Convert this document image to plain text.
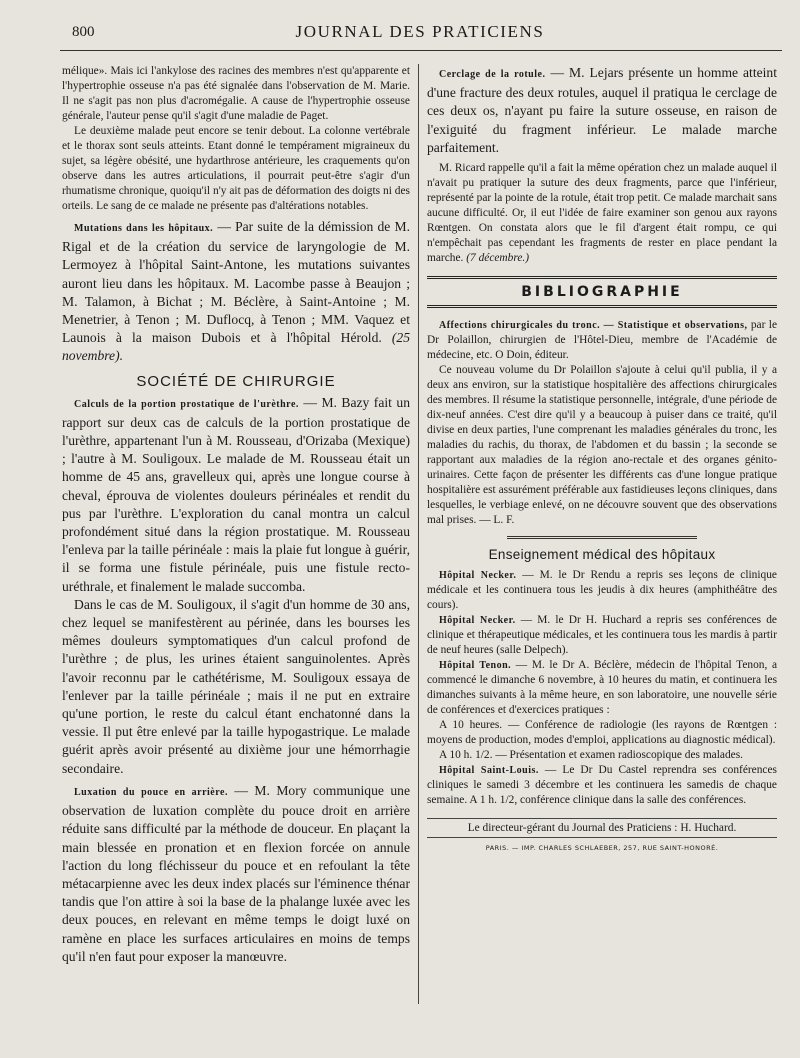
800	JOURNAL DES PRATICIENS

mélique». Mais ici l'ankylose des racines des membres n'est qu'apparente et l'hypertrophie osseuse n'a pas été signalée dans l'observation de M. Marie. Il ne s'agit pas non plus d'acromégalie. A cause de l'hypertrophie osseuse générale, l'auteur pense qu'il s'agit d'une maladie de Paget.

Le deuxième malade peut encore se tenir debout. La colonne vertébrale et le thorax sont seuls atteints. Etant donné le tempérament migraineux du sujet, sa légère obésité, une hydarthrose antérieure, les craquements qu'on observe dans les autres articulations, il pourrait peut-être s'agir d'un rhumatisme chronique, quoiqu'il n'y ait pas de déformation des doigts ni des orteils. Le sang de ce malade ne présente pas d'altérations notables.

Mutations dans les hôpitaux. — Par suite de la démission de M. Rigal et de la création du service de laryngologie de M. Lermoyez à l'hôpital Saint-Antone, les mutations suivantes auront lieu dans les hôpitaux. M. Lacombe passe à Beaujon ; M. Talamon, à Bichat ; M. Béclère, à Saint-Antoine ; M. Menetrier, à Tenon ; M. Duflocq, à Tenon ; MM. Vaquez et Launois à la maison Dubois et à l'hôpital Hérold. (25 novembre).

SOCIÉTÉ DE CHIRURGIE

Calculs de la portion prostatique de l'urèthre. — M. Bazy fait un rapport sur deux cas de calculs de la portion prostatique de l'urèthre, appartenant l'un à M. Rousseau, d'Orizaba (Mexique) ; l'autre à M. Souligoux. Le malade de M. Rousseau était un homme de 45 ans, gravelleux qui, après une longue course à cheval, éprouva de violentes douleurs périnéales et rendit du pus par l'urèthre. L'exploration du canal montra un calcul profondément situé dans la région prostatique. M. Rousseau l'enleva par la taille périnéale : mais la plaie fut longue à guérir, il se forma une fistule périnéale, puis une fistule recto-uréthrale, et finalement le malade succomba.

Dans le cas de M. Souligoux, il s'agit d'un homme de 30 ans, chez lequel se manifestèrent au périnée, dans les bourses les mêmes douleurs symptomatiques d'un calcul profond de l'urèthre ; de plus, les urines étaient sanguinolentes. Après l'avoir reconnu par le cathétérisme, M. Souligoux essaya de l'enlever par la taille périnéale ; mais il ne put en extraire qu'une portion, le reste du calcul étant enchatonné dans la vessie. Il put être enlevé par la taille hypogastrique. Le malade guérit après avoir présenté au dixième jour une hémorrhagie secondaire.

Luxation du pouce en arrière. — M. Mory communique une observation de luxation complète du pouce droit en arrière réduite sans difficulté par la méthode de douceur. En plaçant la main blessée en pronation et en flexion forcée on annule l'action du long fléchisseur du pouce et en refoulant la tête métacarpienne avec les deux index placés sur l'éminence thénar tandis que l'on attire à soi la base de la phalange luxée avec les deux pouces, en relevant en même temps le doigt luxé on ramène en place les surfaces articulaires en moins de temps qu'il n'en faut pour exposer la manœuvre.

Cerclage de la rotule. — M. Lejars présente un homme atteint d'une fracture des deux rotules, auquel il pratiqua le cerclage de ces deux os, n'ayant pu faire la suture osseuse, en raison de l'exiguité du fragment inférieur. Le malade marche parfaitement.

M. Ricard rappelle qu'il a fait la même opération chez un malade auquel il n'avait pu pratiquer la suture des deux fragments, parce que l'inférieur, représenté par la pointe de la rotule, était trop petit. Ce malade marchait sans aucune difficulté. Or, il eut l'idée de faire examiner son genou aux rayons Rœntgen. On constata alors que le fil d'argent était rompu, ce qui n'empêchait pas cependant les fragments de rester en place pendant la marche. (7 décembre.)

BIBLIOGRAPHIE

Affections chirurgicales du tronc. — Statistique et observations, par le Dr Polaillon, chirurgien de l'Hôtel-Dieu, membre de l'Académie de médecine, etc. O Doin, éditeur.

Ce nouveau volume du Dr Polaillon s'ajoute à celui qu'il publia, il y a deux ans environ, sur la statistique hospitalière des affections chirurgicales des membres. Il résume la statistique personnelle, intégrale, d'une période de dix-neuf années. C'est dire qu'il y a beaucoup à puiser dans ce traité, qu'il divise en deux parties, l'une comprenant les maladies générales du tronc, les maladies du rachis, du thorax, de l'abdomen et du bassin ; la seconde se rapportant aux maladies de la région ano-rectale et des organes génito-urinaires. Cette façon de présenter les différents cas d'une longue pratique hospitalière est assurément préférable aux fastidieuses leçons cliniques, dans lesquelles, le verbiage enlevé, on ne découvre souvent que des observations mal prises. — L. F.

Enseignement médical des hôpitaux

Hôpital Necker. — M. le Dr Rendu a repris ses leçons de clinique médicale et les continuera tous les jeudis à dix heures (amphithéâtre des cours).

Hôpital Necker. — M. le Dr H. Huchard a repris ses conférences de clinique et thérapeutique médicales, et les continuera tous les mardis à partir de neuf heures (salle Delpech).

Hôpital Tenon. — M. le Dr A. Béclère, médecin de l'hôpital Tenon, a commencé le dimanche 6 novembre, à 10 heures du matin, et continuera les dimanches suivants à la même heure, en son laboratoire, une nouvelle série de conférences et d'exercices pratiques :

A 10 heures. — Conférence de radiologie (les rayons de Rœntgen : moyens de production, modes d'emploi, applications au diagnostic médical).

A 10 h. 1/2. — Présentation et examen radioscopique des malades.

Hôpital Saint-Louis. — Le Dr Du Castel reprendra ses conférences cliniques le samedi 3 décembre et les continuera les samedis de chaque semaine. A 1 h. 1/2, conférence clinique dans la salle des conférences.

Le directeur-gérant du Journal des Praticiens : H. Huchard.
PARIS. — IMP. CHARLES SCHLAEBER, 257, RUE SAINT-HONORÉ.
